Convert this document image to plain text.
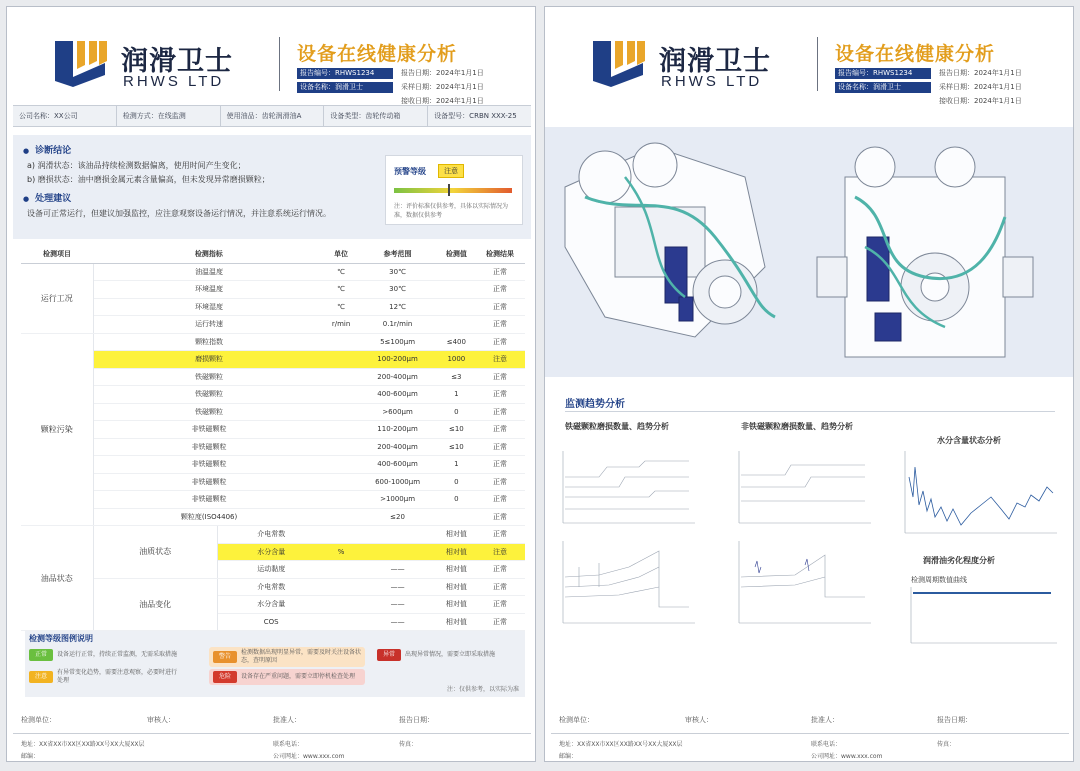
润滑卫士
RHWS LTD
设备在线健康分析
报告编号：RHWS1234	报告日期：2024年1月1日
设备名称：润滑卫士	采样日期：2024年1月1日
接收日期：2024年1月1日
公司名称：XX公司	检测方式：在线监测	使用油品：齿轮润滑油A	设备类型：齿轮传动箱	设备型号：CRBN XXX-25
● 诊断结论
a) 润滑状态：该油品持续检测数据偏离，使用时间产生变化；
b) 磨损状态：油中磨损金属元素含量偏高，但未发现异常磨损颗粒；
● 处理建议
设备可正常运行，但建议加强监控，应注意观察设备运行情况，并注意系统运行情况。
预警等级	注意
注：评价标准仅供参考，具体以实际情况为准，数据仅供参考
检测项目	检测指标		单位	参考范围	检测值	检测结果
运行工况	油温温度		℃	30℃		正常
	环境温度		℃	30℃		正常
	环境湿度		℃	12℃		正常
	运行转速		r/min	0.1r/min		正常
颗粒污染	颗粒指数			5≤100μm	≤400	正常
	磨损颗粒			100-200μm	1000	注意
	铁磁颗粒			200-400μm	≤3	正常
	铁磁颗粒			400-600μm	1	正常
	铁磁颗粒			>600μm	0	正常
	非铁磁颗粒			110-200μm	≤10	正常
	非铁磁颗粒			200-400μm	≤10	正常
	非铁磁颗粒			400-600μm	1	正常
	非铁磁颗粒			600-1000μm	0	正常
	非铁磁颗粒			>1000μm	0	正常
	颗粒度(ISO4406)			≤20		正常
油品状态	油质状态	介电常数			相对值	正常
		水分含量	%		相对值	注意
		运动黏度		——	相对值	正常
	油品变化	介电常数		——	相对值	正常
		水分含量		——	相对值	正常
		COS		——	相对值	正常
检测等级图例说明
正常	设备运行正常，持续正常监测，无需采取措施
注意
有异常变化趋势，需要注意观察，必要时进行处理
警告
检测数据出现明显异常，需要及时关注设备状态，查明原因
危险	设备存在严重问题，需要立即停机检查处理
异常	出现异常情况，需要立即采取措施
注：仅供参考，以实际为准
检测单位：	审核人：	批准人：	报告日期：
地址：XX省XX市XX区XX路XX号XX大厦XX层	联系电话：	传真：
邮编：	公司网址：www.xxx.com
润滑卫士
RHWS LTD
设备在线健康分析
报告编号：RHWS1234	报告日期：2024年1月1日
设备名称：润滑卫士	采样日期：2024年1月1日
接收日期：2024年1月1日
监测趋势分析
铁磁颗粒磨损数量、趋势分析	非铁磁颗粒磨损数量、趋势分析
水分含量状态分析
润滑油劣化程度分析
检测周期数值曲线
检测单位：	审核人：	批准人：	报告日期：
地址：XX省XX市XX区XX路XX号XX大厦XX层	联系电话：	传真：
邮编：	公司网址：www.xxx.com
